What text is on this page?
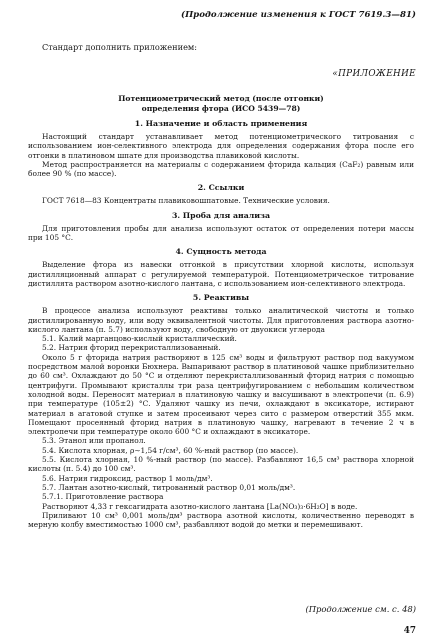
(Продолжение изменения к ГОСТ 7619.3—81)
Стандарт дополнить приложением:
«ПРИЛОЖЕНИЕ
Потенциометрический метод (после отгонки)
определения фтора (ИСО 5439—78)
1. Назначение и область применения

Настоящий стандарт устанавливает метод потенциометрического титрования с использованием ион-селективного электрода для определения содержания фтора после его отгонки в платиновом шпате для производства плавиковой кислоты.

Метод распространяется на материалы с содержанием фторида кальция (CaF₂) равным или более 90 % (по массе).

2. Ссылки

ГОСТ 7618—83 Концентраты плавиковошпатовые. Технические условия.

3. Проба для анализа

Для приготовления пробы для анализа используют остаток от определения потери массы при 105 °С.

4. Сущность метода

Выделение фтора из навески отгонкой в присутствии хлорной кислоты, используя дистилляционный аппарат с регулируемой температурой. Потенциометрическое титрование дистиллята раствором азотно-кислого лантана, с использованием ион-селективного электрода.

5. Реактивы

В процессе анализа используют реактивы только аналитической чистоты и только дистиллированную воду, или воду эквивалентной чистоты. Для приготовления раствора азотно-кислого лантана (п. 5.7) используют воду, свободную от двуокиси углерода

5.1. Калий марганцово-кислый кристаллический.
5.2. Натрия фторид перекристаллизованный.

Около 5 г фторида натрия растворяют в 125 см³ воды и фильтруют раствор под вакуумом посредством малой воронки Бюхнера. Выпаривают раствор в платиновой чашке приблизительно до 60 см³. Охлаждают до 50 °С и отделяют перекристаллизованный фторид натрия с помощью центрифуги. Промывают кристаллы три раза центрифугированием с небольшим количеством холодной воды. Переносят материал в платиновую чашку и высушивают в электропечи (п. 6.9) при температуре (105±2) °С. Удаляют чашку из печи, охлаждают в эксикаторе, истирают материал в агатовой ступке и затем просеивают через сито с размером отверстий 355 мкм. Помещают просеянный фторид натрия в платиновую чашку, нагревают в течение 2 ч в электропечи при температуре около 600 °С и охлаждают в эксикаторе.

5.3. Этанол или пропанол.
5.4. Кислота хлорная, ρ∼1,54 г/см³, 60 %-ный раствор (по массе).

5.5. Кислота хлорная, 10 %-ный раствор (по массе). Разбавляют 16,5 см³ раствора хлорной кислоты (п. 5.4) до 100 см³.

5.6. Натрия гидроксид, раствор 1 моль/дм³.
5.7. Лантан азотно-кислый, титрованный раствор 0,01 моль/дм³.
5.7.1. Приготовление раствора

Растворяют 4,33 г гексагидрата азотно-кислого лантана [La(NO₃)₃·6H₂O] в воде.

Приливают 10 см³ 0,001 моль/дм³ раствора азотной кислоты, количественно переводят в мерную колбу вместимостью 1000 см³, разбавляют водой до метки и перемешивают.

(Продолжение см. с. 48)
47
